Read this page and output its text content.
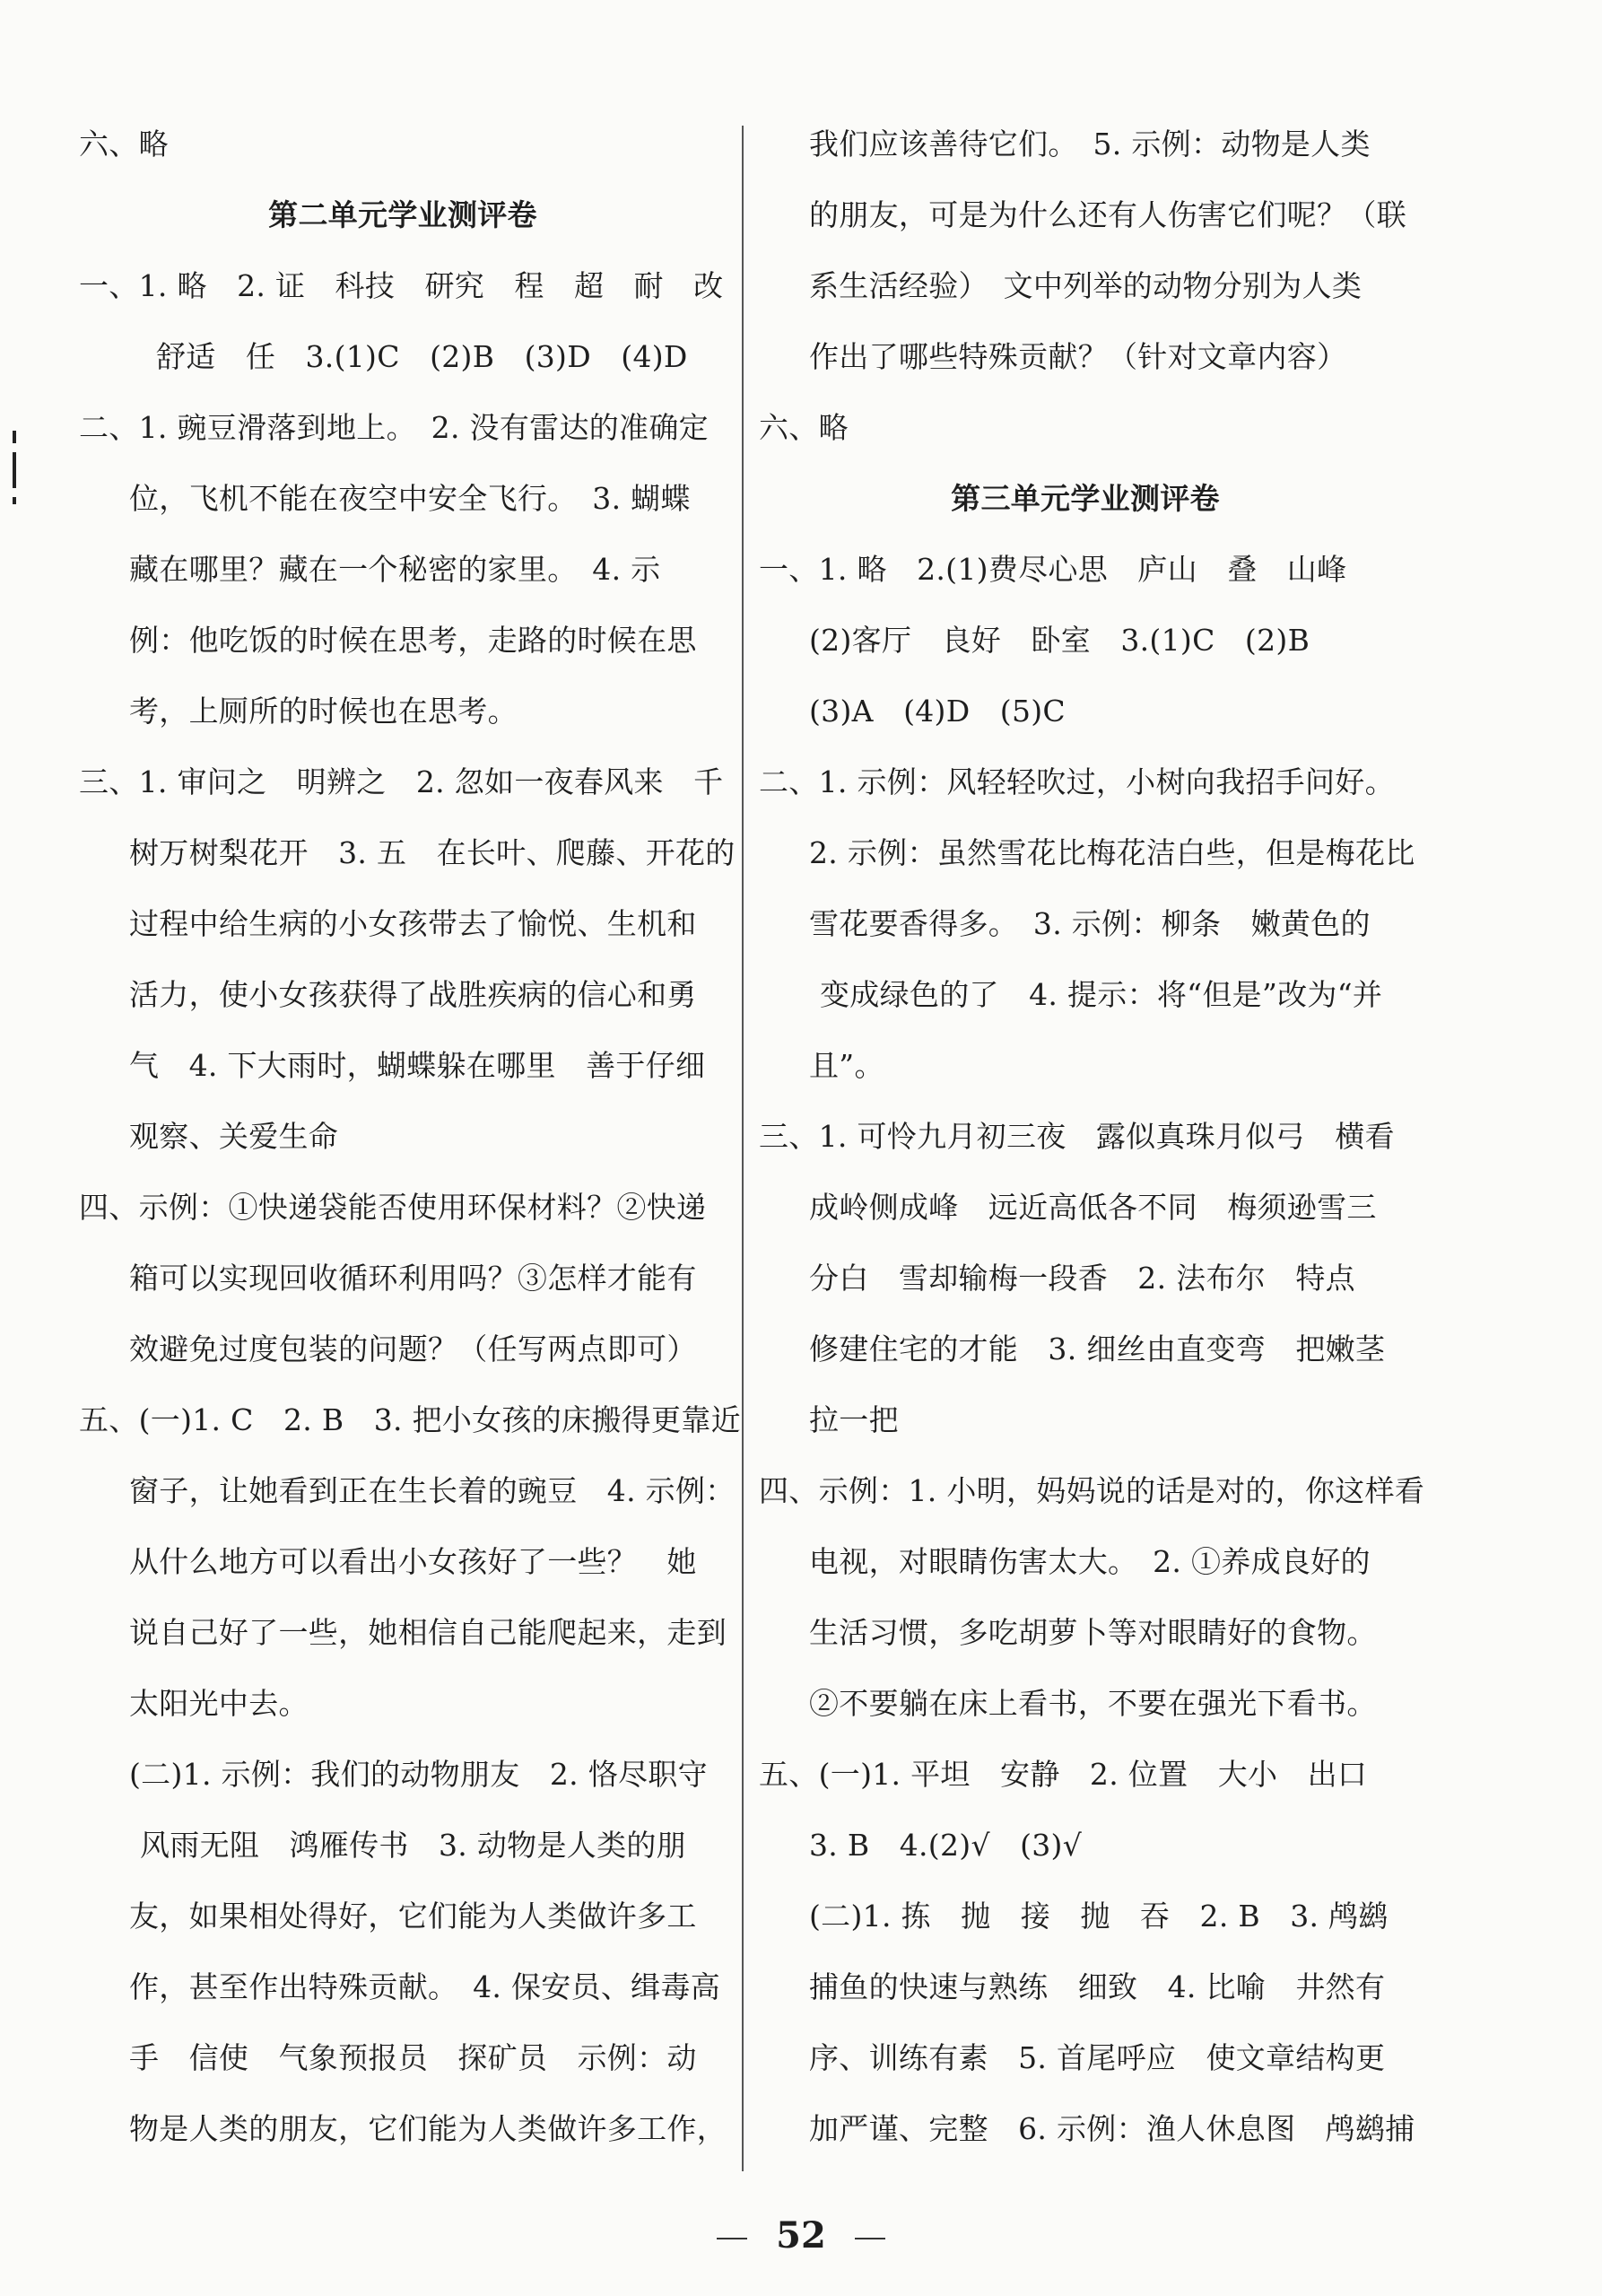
六、略
第二单元学业测评卷
一、1. 略　2. 证　科技　研究　程　超　耐　改
舒适　任　3.(1)C　(2)B　(3)D　(4)D
二、1. 豌豆滑落到地上。　2. 没有雷达的准确定
位，飞机不能在夜空中安全飞行。　3. 蝴蝶
藏在哪里？藏在一个秘密的家里。　4. 示
例：他吃饭的时候在思考，走路的时候在思
考，上厕所的时候也在思考。
三、1. 审问之　明辨之　2. 忽如一夜春风来　千
树万树梨花开　3. 五　在长叶、爬藤、开花的
过程中给生病的小女孩带去了愉悦、生机和
活力，使小女孩获得了战胜疾病的信心和勇
气　4. 下大雨时，蝴蝶躲在哪里　善于仔细
观察、关爱生命
四、示例：①快递袋能否使用环保材料？②快递
箱可以实现回收循环利用吗？③怎样才能有
效避免过度包装的问题？（任写两点即可）
五、(一)1. C　2. B　3. 把小女孩的床搬得更靠近
窗子，让她看到正在生长着的豌豆　4. 示例：
从什么地方可以看出小女孩好了一些？　她
说自己好了一些，她相信自己能爬起来，走到
太阳光中去。
(二)1. 示例：我们的动物朋友　2. 恪尽职守
风雨无阻　鸿雁传书　3. 动物是人类的朋
友，如果相处得好，它们能为人类做许多工
作，甚至作出特殊贡献。　4. 保安员、缉毒高
手　信使　气象预报员　探矿员　示例：动
物是人类的朋友，它们能为人类做许多工作，
我们应该善待它们。　5. 示例：动物是人类
的朋友，可是为什么还有人伤害它们呢？（联
系生活经验）　文中列举的动物分别为人类
作出了哪些特殊贡献？（针对文章内容）
六、略
第三单元学业测评卷
一、1. 略　2.(1)费尽心思　庐山　叠　山峰
(2)客厅　良好　卧室　3.(1)C　(2)B
(3)A　(4)D　(5)C
二、1. 示例：风轻轻吹过，小树向我招手问好。
2. 示例：虽然雪花比梅花洁白些，但是梅花比
雪花要香得多。　3. 示例：柳条　嫩黄色的
变成绿色的了　4. 提示：将“但是”改为“并
且”。
三、1. 可怜九月初三夜　露似真珠月似弓　横看
成岭侧成峰　远近高低各不同　梅须逊雪三
分白　雪却输梅一段香　2. 法布尔　特点
修建住宅的才能　3. 细丝由直变弯　把嫩茎
拉一把
四、示例：1. 小明，妈妈说的话是对的，你这样看
电视，对眼睛伤害太大。　2. ①养成良好的
生活习惯，多吃胡萝卜等对眼睛好的食物。
②不要躺在床上看书，不要在强光下看书。
五、(一)1. 平坦　安静　2. 位置　大小　出口
3. B　4.(2)√　(3)√
(二)1. 拣　抛　接　抛　吞　2. B　3. 鸬鹚
捕鱼的快速与熟练　细致　4. 比喻　井然有
序、训练有素　5. 首尾呼应　使文章结构更
加严谨、完整　6. 示例：渔人休息图　鸬鹚捕
52
